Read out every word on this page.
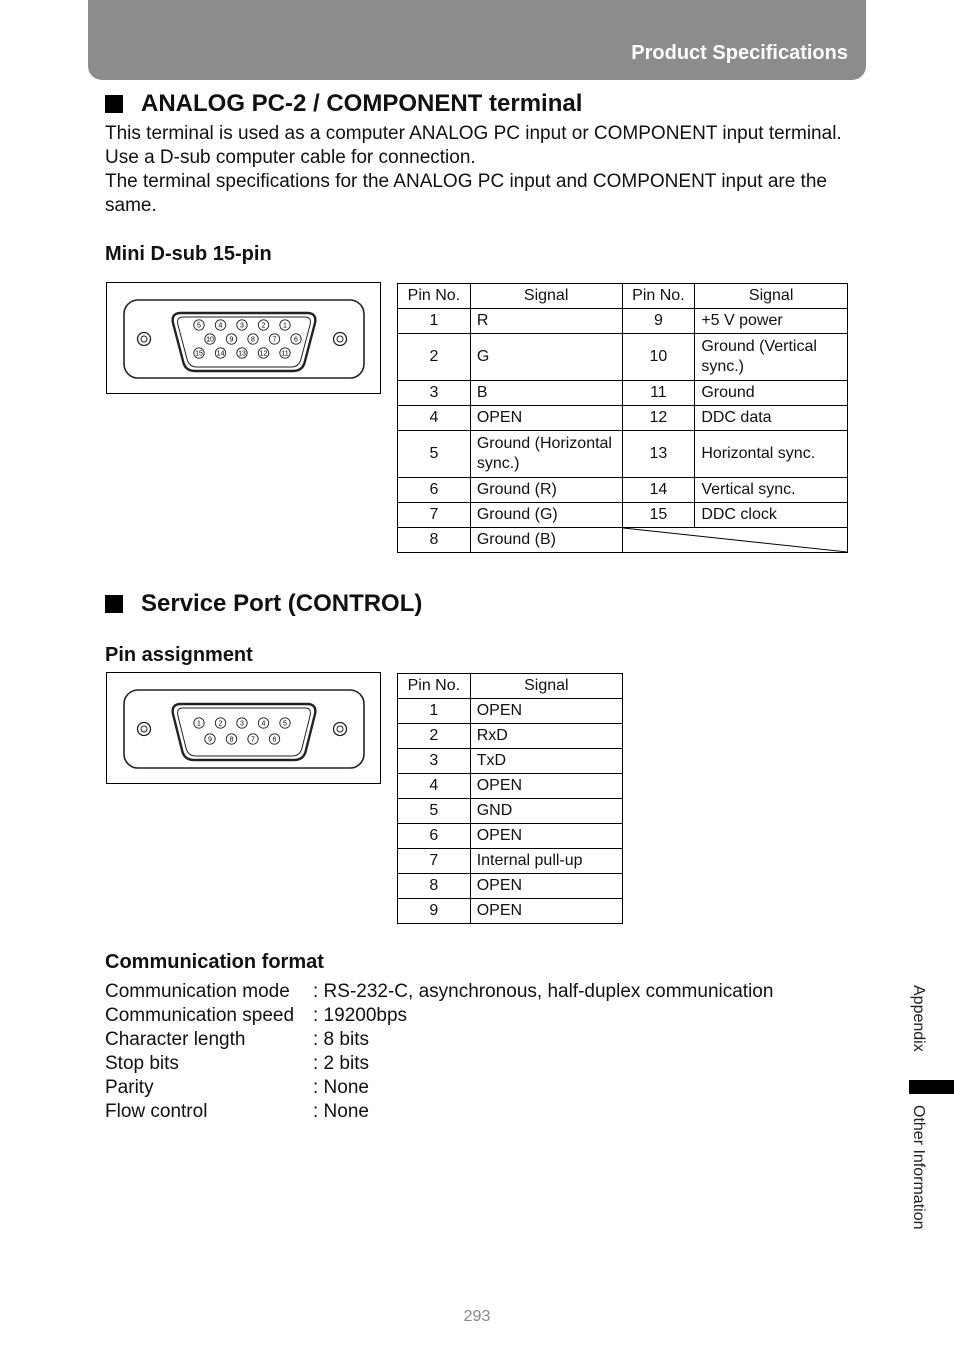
Product Specifications
ANALOG PC-2 / COMPONENT terminal

This terminal is used as a computer ANALOG PC input or COMPONENT input terminal. Use a D-sub computer cable for connection.

The terminal specifications for the ANALOG PC input and COMPONENT input are the same.

Mini D-sub 15-pin
5	4	3	2	1
10 9	8	7	6
15 14 13 12 11
Pin No.	Signal	Pin No.	Signal
1	R	9	+5 V power
2	G	10	Ground (Vertical sync.)
3	B	11	Ground
4	OPEN	12	DDC data
5	Ground (Horizontal sync.)	13	Horizontal sync.
6	Ground (R)	14	Vertical sync.
7	Ground (G)	15	DDC clock
8	Ground (B)	
Service Port (CONTROL)
Pin assignment
1	2	3	4	5
9	8	7	6
Pin No.	Signal
1	OPEN
2	RxD
3	TxD
4	OPEN
5	GND
6	OPEN
7	Internal pull-up
8	OPEN
9	OPEN
Communication format
Communication mode	: RS-232-C, asynchronous, half-duplex communication
Communication speed : 19200bps
Character length	: 8 bits
Stop bits	: 2 bits
Parity	: None
Flow control	: None
Appendix
Other Information
293
